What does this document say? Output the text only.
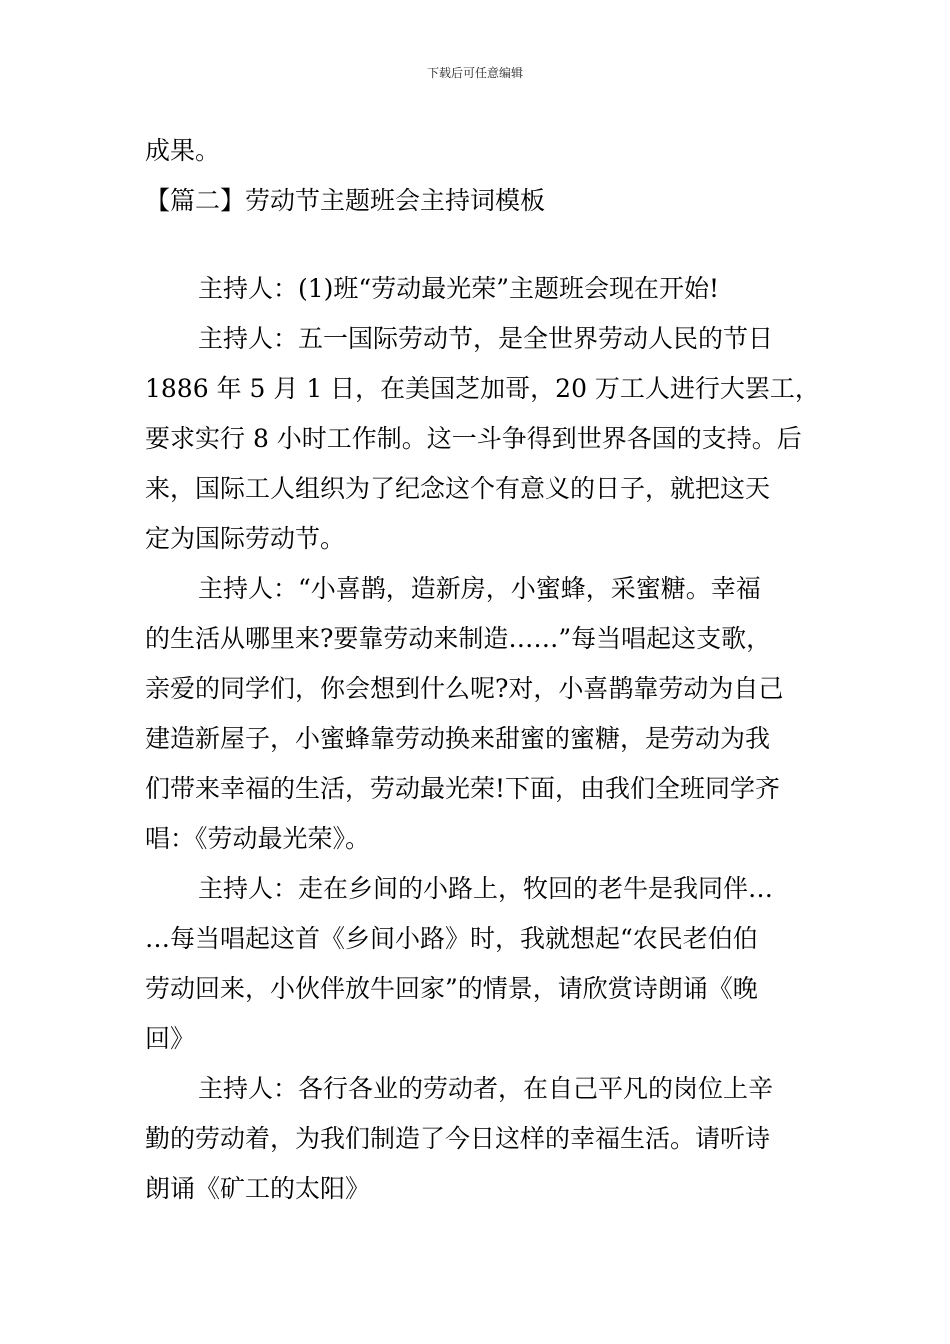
下载后可任意编辑
成果。
【篇二】劳动节主题班会主持词模板
主持人：(1)班“劳动最光荣”主题班会现在开始!
主持人：五一国际劳动节，是全世界劳动人民的节日
1886 年 5 月 1 日，在美国芝加哥，20 万工人进行大罢工，
要求实行 8 小时工作制。这一斗争得到世界各国的支持。后
来，国际工人组织为了纪念这个有意义的日子，就把这天
定为国际劳动节。
主持人：“小喜鹊，造新房，小蜜蜂，采蜜糖。幸福
的生活从哪里来?要靠劳动来制造……”每当唱起这支歌，
亲爱的同学们，你会想到什么呢?对，小喜鹊靠劳动为自己
建造新屋子，小蜜蜂靠劳动换来甜蜜的蜜糖，是劳动为我
们带来幸福的生活，劳动最光荣!下面，由我们全班同学齐
唱：《劳动最光荣》。
主持人：走在乡间的小路上，牧回的老牛是我同伴…
…每当唱起这首《乡间小路》时，我就想起“农民老伯伯
劳动回来，小伙伴放牛回家”的情景，请欣赏诗朗诵《晚
回》
主持人：各行各业的劳动者，在自己平凡的岗位上辛
勤的劳动着，为我们制造了今日这样的幸福生活。请听诗
朗诵《矿工的太阳》
